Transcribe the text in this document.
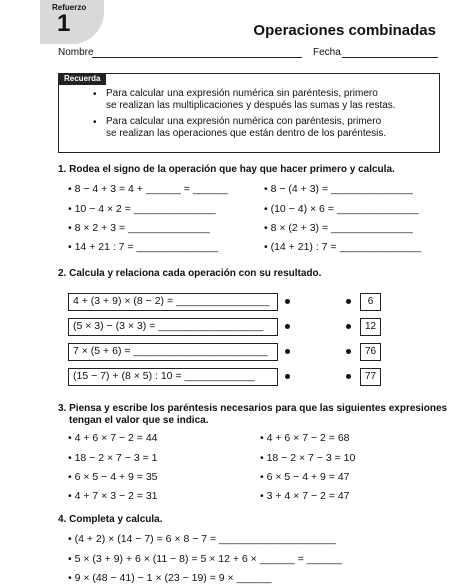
Refuerzo
1	Operaciones combinadas
Nombre	Fecha
Recuerda
• Para calcular una expresión numérica sin paréntesis, primero
se realizan las multiplicaciones y después las sumas y las restas.
• Para calcular una expresión numérica con paréntesis, primero
se realizan las operaciones que están dentro de los paréntesis.
1. Rodea el signo de la operación que hay que hacer primero y calcula.
• 8 − 4 + 3 = 4 + ______ = ______
• 10 − 4 × 2 = ______________
• 8 × 2 + 3 = ______________
• 14 + 21 : 7 = ______________
• 8 − (4 + 3) = ______________
• (10 − 4) × 6 = ______________
• 8 × (2 + 3) = ______________
• (14 + 21) : 7 = ______________
2. Calcula y relaciona cada operación con su resultado.
4 + (3 + 9) × (8 − 2) = ________________
(5 × 3) − (3 × 3) = __________________
7 × (5 + 6) = _______________________
(15 − 7) + (8 × 5) : 10 = ____________
6
12
76
77
3. Piensa y escribe los paréntesis necesarios para que las siguientes expresiones
tengan el valor que se indica.
• 4 + 6 × 7 − 2 = 44
• 18 − 2 × 7 − 3 = 1
• 6 × 5 − 4 + 9 = 35
• 4 + 7 × 3 − 2 = 31
• 4 + 6 × 7 − 2 = 68
• 18 − 2 × 7 − 3 = 10
• 6 × 5 − 4 + 9 = 47
• 3 + 4 × 7 − 2 = 47
4. Completa y calcula.
• (4 + 2) × (14 − 7) = 6 × 8 − 7 = ____________________
• 5 × (3 + 9) + 6 × (11 − 8) = 5 × 12 + 6 × ______ = ______
• 9 × (48 − 41) − 1 × (23 − 19) = 9 × ______
